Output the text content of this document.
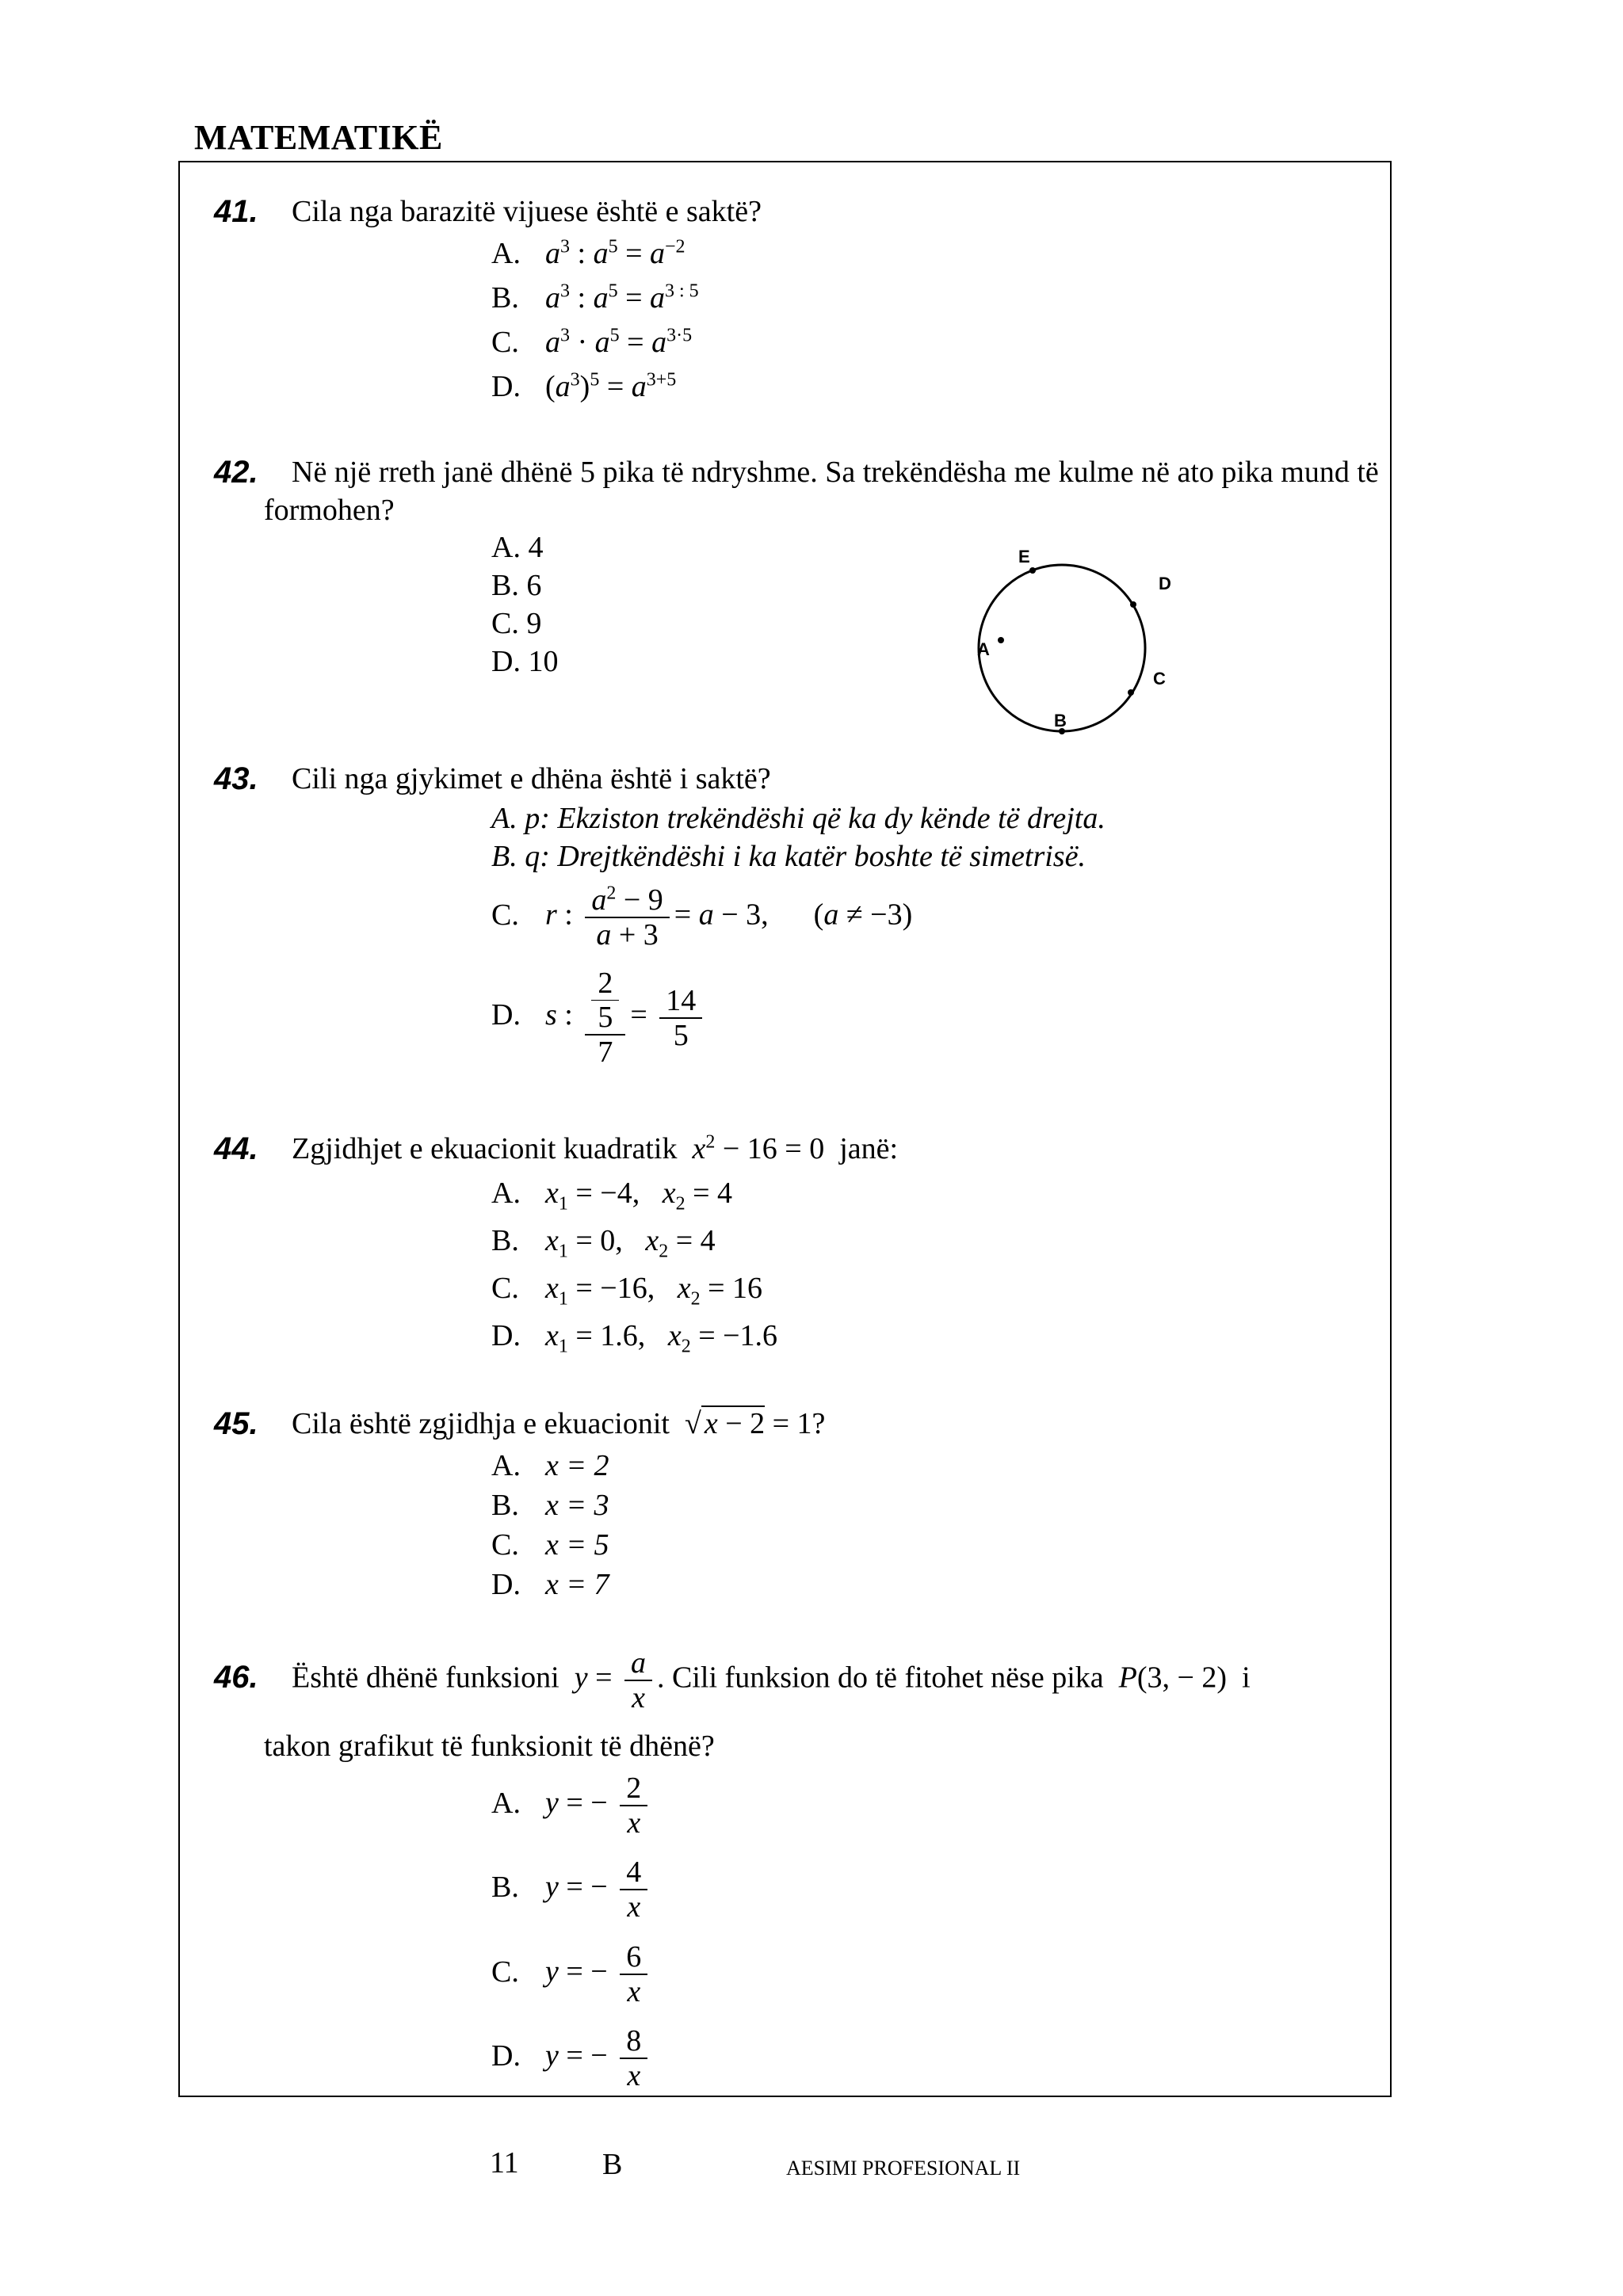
MATEMATIKË
41. Cila nga barazitë vijuese është e saktë?
A. $a^3$ : $a^5 = a^{-2}$
B. $a^3$ : $a^5 = a^{3 : 5}$
C. $a^3 \cdot a^5 = a^{3\cdot 5}$
D. $(a^3)^5 = a^{3+5}$
42.	Në një rreth janë dhënë 5 pika të ndryshme. Sa trekëndësha me kulme në ato pika mund të formohen?
A. 4
B. 6
C. 9
D. 10
E
D
A
C
B
43. Cili nga gjykimet e dhëna është i saktë?
A. p: Ekziston trekëndëshi që ka dy kënde të drejta.
B. q: Drejtkëndëshi i ka katër boshte të simetrisë.
C. r : $\frac{a^2 - 9}{a + 3} = a - 3$,      (a ≠ −3)
D. s : $\frac{\frac{2}{5}}{7} = \frac{14}{5}$
44. Zgjidhjet e ekuacionit kuadratik $x^2 - 16 = 0$  janë:
A. $x_1 = -4$,   $x_2 = 4$
B. $x_1 = 0$,   $x_2 = 4$
C. $x_1 = -16$,   $x_2 = 16$
D. $x_1 = 1.6$,   $x_2 = -1.6$
45. Cila është zgjidhja e ekuacionit  √ x − 2 = 1?
A. x = 2
B. x = 3
C. x = 5
D. x = 7
46. Është dhënë funksioni $y = \frac{a}{x}$ . Cili funksion do të fitohet nëse pika P(3, − 2)  i
takon grafikut të funksionit të dhënë?
A. y = − $\frac{2}{x}$
B. y = − $\frac{4}{x}$
C. y = − $\frac{6}{x}$
D. y = − $\frac{8}{x}$
11	B	AESIMI PROFESIONAL II
